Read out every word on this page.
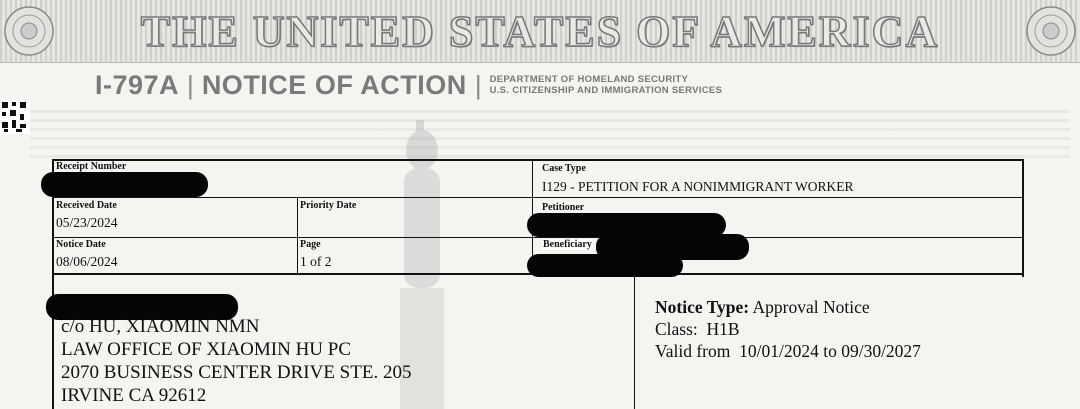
THE UNITED STATES OF AMERICA
I-797A | NOTICE OF ACTION | DEPARTMENT OF HOMELAND SECURITY
U.S. CITIZENSHIP AND IMMIGRATION SERVICES
Receipt Number	Case Type
I129 - PETITION FOR A NONIMMIGRANT WORKER
Received Date
05/23/2024
Priority Date	Petitioner
Notice Date
08/06/2024
Page
1 of 2
Beneficiary
c/o HU, XIAOMIN NMN
LAW OFFICE OF XIAOMIN HU PC
2070 BUSINESS CENTER DRIVE STE. 205
IRVINE CA 92612
Notice Type: Approval Notice
Class: H1B
Valid from 10/01/2024 to 09/30/2027
